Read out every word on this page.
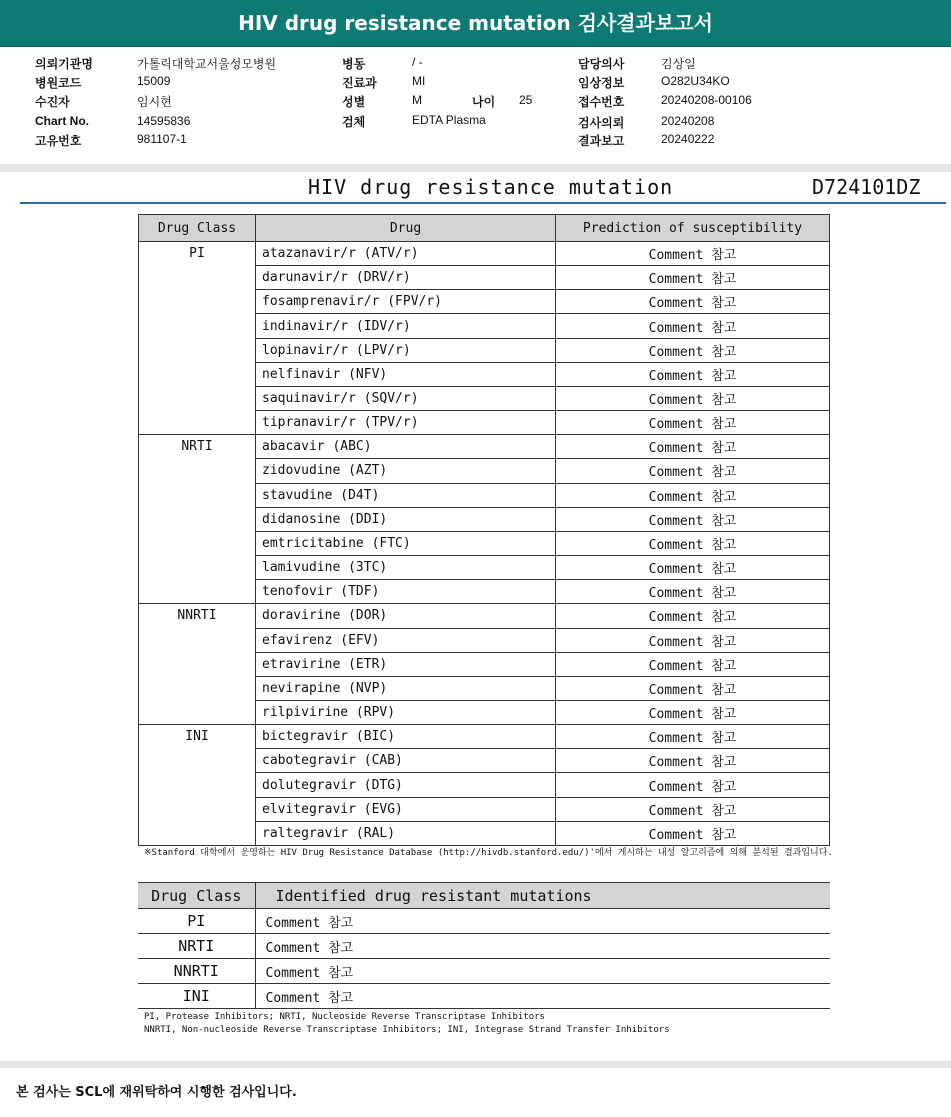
HIV drug resistance mutation 검사결과보고서
의뢰기관명	가톨릭대학교서울성모병원
병원코드	15009
수진자	임시현
Chart No.	14595836
고유번호	981107-1
병동	/ -
진료과	MI
성별	M
검체	EDTA Plasma
나이 25
담당의사	김상일
임상정보	O282U34KO
접수번호	20240208-00106
검사의뢰	20240208
결과보고	20240222
HIV drug resistance mutation	D724101DZ
Drug Class	Drug	Prediction of susceptibility
PI	atazanavir/r (ATV/r)	Comment 참고
	darunavir/r (DRV/r)	Comment 참고
	fosamprenavir/r (FPV/r)	Comment 참고
	indinavir/r (IDV/r)	Comment 참고
	lopinavir/r (LPV/r)	Comment 참고
	nelfinavir (NFV)	Comment 참고
	saquinavir/r (SQV/r)	Comment 참고
	tipranavir/r (TPV/r)	Comment 참고
NRTI	abacavir (ABC)	Comment 참고
	zidovudine (AZT)	Comment 참고
	stavudine (D4T)	Comment 참고
	didanosine (DDI)	Comment 참고
	emtricitabine (FTC)	Comment 참고
	lamivudine (3TC)	Comment 참고
	tenofovir (TDF)	Comment 참고
NNRTI	doravirine (DOR)	Comment 참고
	efavirenz (EFV)	Comment 참고
	etravirine (ETR)	Comment 참고
	nevirapine (NVP)	Comment 참고
	rilpivirine (RPV)	Comment 참고
INI	bictegravir (BIC)	Comment 참고
	cabotegravir (CAB)	Comment 참고
	dolutegravir (DTG)	Comment 참고
	elvitegravir (EVG)	Comment 참고
	raltegravir (RAL)	Comment 참고
※Stanford 대학에서 운영하는 HIV Drug Resistance Database (http://hivdb.stanford.edu/)'에서 게시하는 내성 알고리즘에 의해 분석된 결과입니다.
Drug Class	Identified drug resistant mutations
PI	Comment 참고
NRTI	Comment 참고
NNRTI	Comment 참고
INI	Comment 참고
PI, Protease Inhibitors; NRTI, Nucleoside Reverse Transcriptase Inhibitors
NNRTI, Non-nucleoside Reverse Transcriptase Inhibitors; INI, Integrase Strand Transfer Inhibitors
본 검사는 SCL에 재위탁하여 시행한 검사입니다.
